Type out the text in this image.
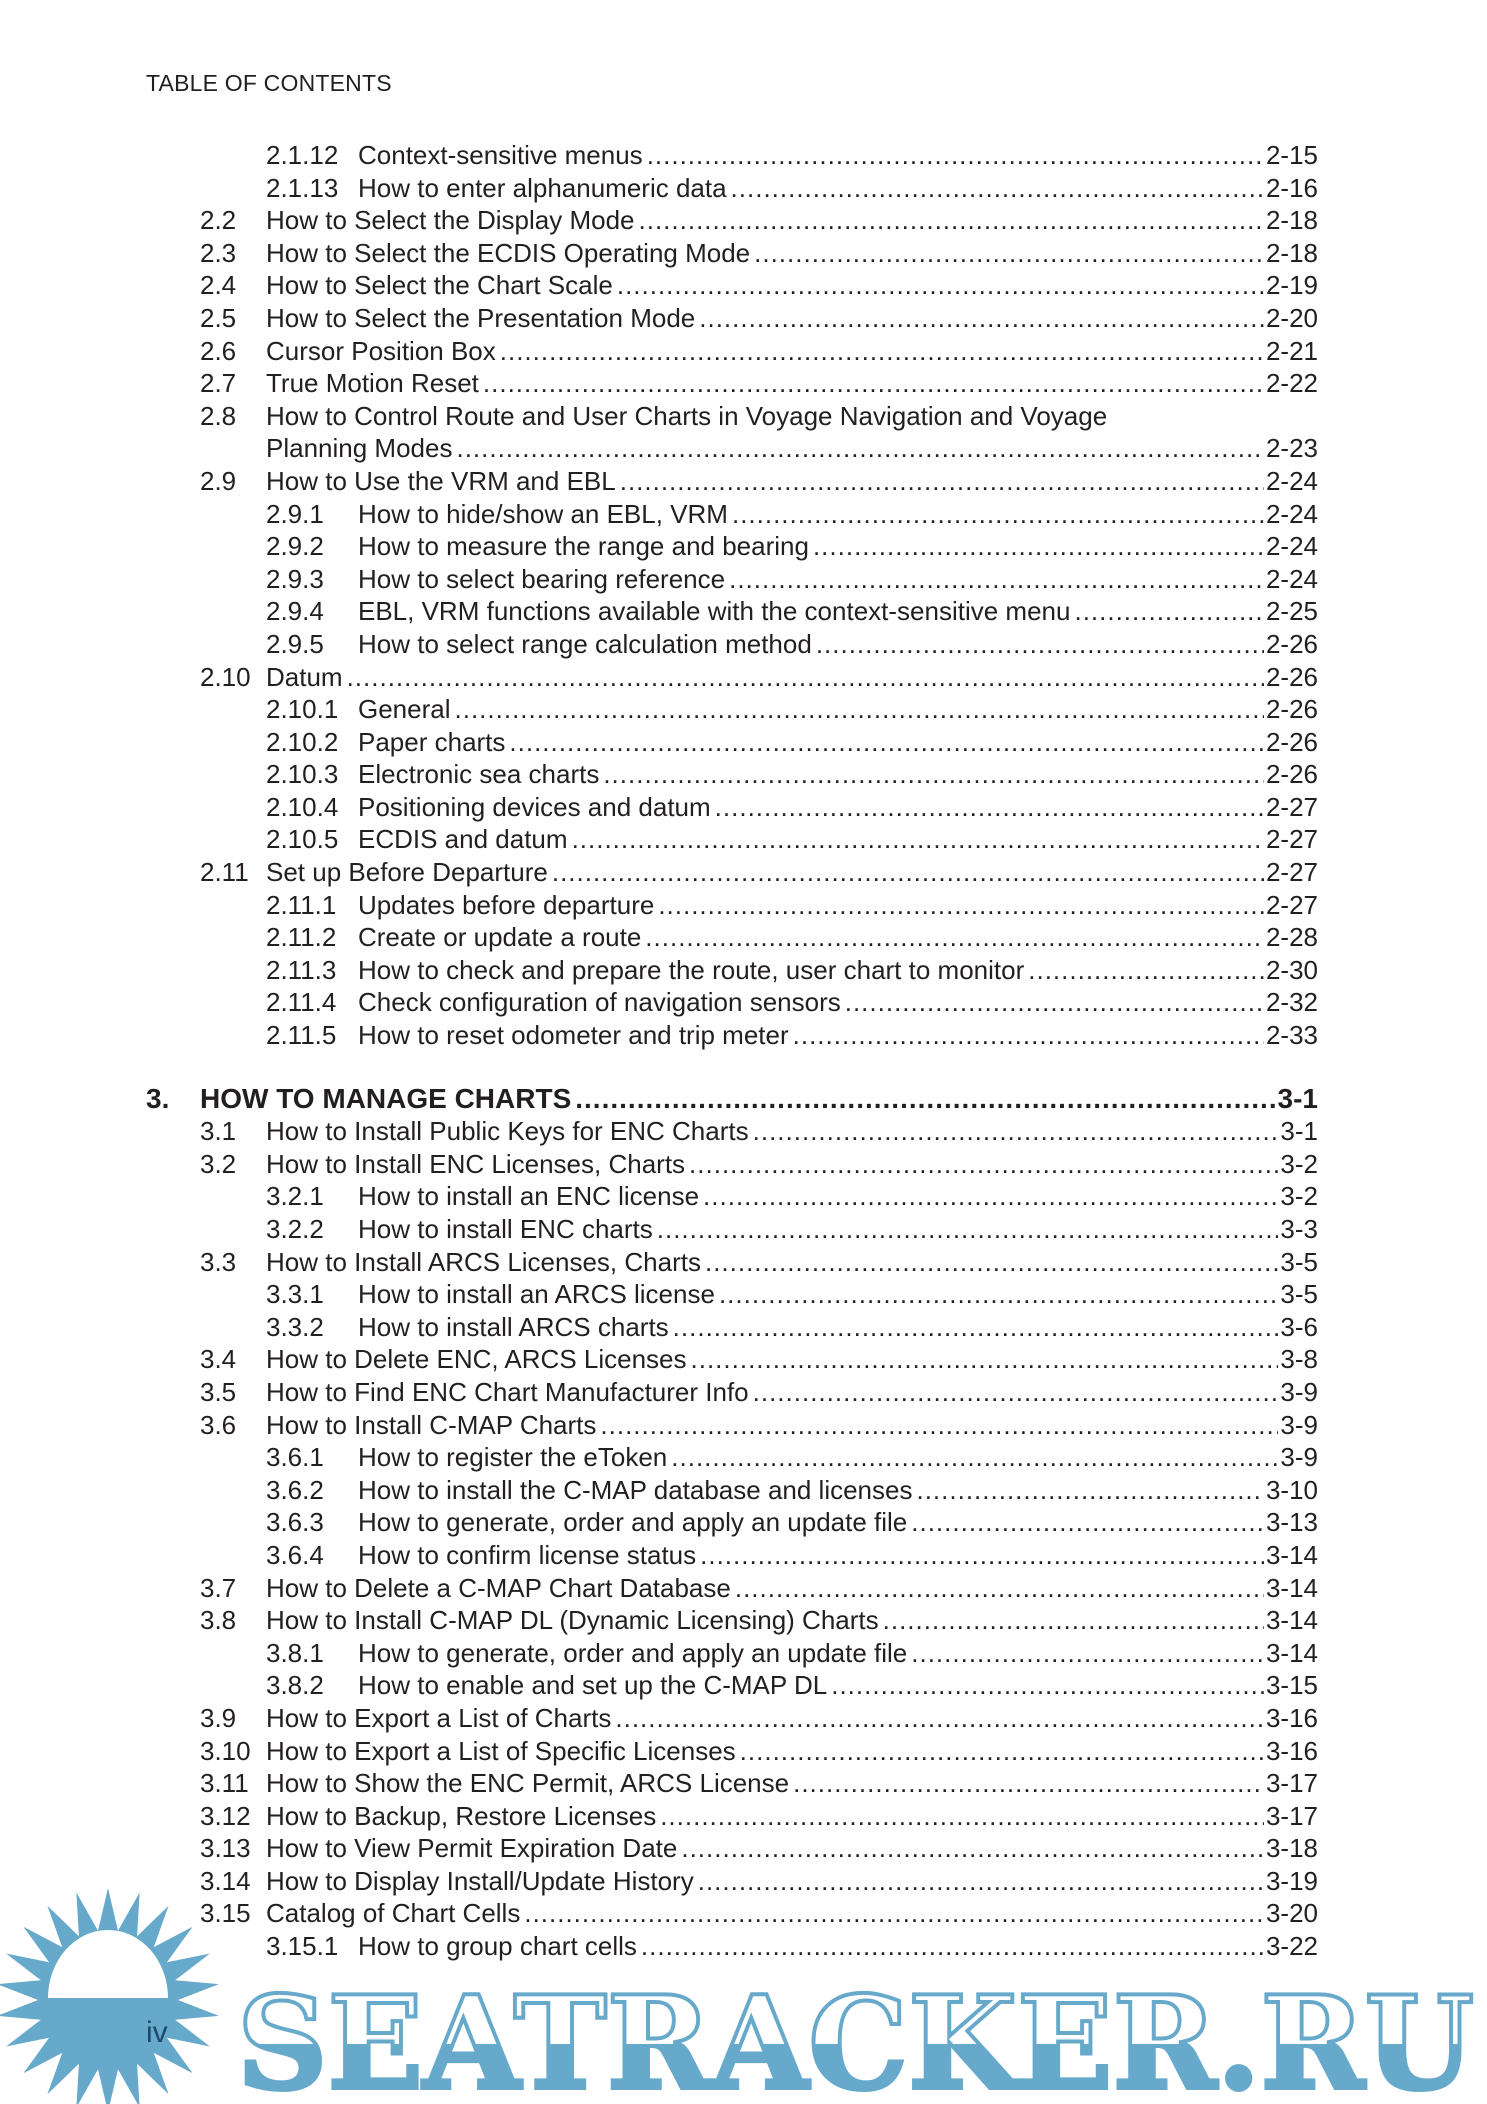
TABLE OF CONTENTS
2.1.12 Context-sensitive menus .....	2-15
2.1.13 How to enter alphanumeric data .....	2-16
2.2 How to Select the Display Mode .....	2-18
2.3 How to Select the ECDIS Operating Mode .....	2-18
2.4 How to Select the Chart Scale .....	2-19
2.5 How to Select the Presentation Mode .....	2-20
2.6 Cursor Position Box .....	2-21
2.7 True Motion Reset .....	2-22
2.8 How to Control Route and User Charts in Voyage Navigation and Voyage
Planning Modes .....	2-23
2.9 How to Use the VRM and EBL .....	2-24
2.9.1 How to hide/show an EBL, VRM .....	2-24
2.9.2 How to measure the range and bearing .....	2-24
2.9.3 How to select bearing reference .....	2-24
2.9.4 EBL, VRM functions available with the context-sensitive menu .....	2-25
2.9.5 How to select range calculation method .....	2-26
2.10 Datum .....	2-26
2.10.1 General .....	2-26
2.10.2 Paper charts .....	2-26
2.10.3 Electronic sea charts .....	2-26
2.10.4 Positioning devices and datum .....	2-27
2.10.5 ECDIS and datum .....	2-27
2.11 Set up Before Departure .....	2-27
2.11.1 Updates before departure .....	2-27
2.11.2 Create or update a route .....	2-28
2.11.3 How to check and prepare the route, user chart to monitor .....	2-30
2.11.4 Check configuration of navigation sensors .....	2-32
2.11.5 How to reset odometer and trip meter .....	2-33
3. HOW TO MANAGE CHARTS .....	3-1
3.1 How to Install Public Keys for ENC Charts .....	3-1
3.2 How to Install ENC Licenses, Charts .....	3-2
3.2.1 How to install an ENC license .....	3-2
3.2.2 How to install ENC charts .....	3-3
3.3 How to Install ARCS Licenses, Charts .....	3-5
3.3.1 How to install an ARCS license .....	3-5
3.3.2 How to install ARCS charts .....	3-6
3.4 How to Delete ENC, ARCS Licenses .....	3-8
3.5 How to Find ENC Chart Manufacturer Info .....	3-9
3.6 How to Install C-MAP Charts .....	3-9
3.6.1 How to register the eToken .....	3-9
3.6.2 How to install the C-MAP database and licenses .....	3-10
3.6.3 How to generate, order and apply an update file .....	3-13
3.6.4 How to confirm license status .....	3-14
3.7 How to Delete a C-MAP Chart Database .....	3-14
3.8 How to Install C-MAP DL (Dynamic Licensing) Charts .....	3-14
3.8.1 How to generate, order and apply an update file .....	3-14
3.8.2 How to enable and set up the C-MAP DL .....	3-15
3.9 How to Export a List of Charts .....	3-16
3.10 How to Export a List of Specific Licenses .....	3-16
3.11 How to Show the ENC Permit, ARCS License .....	3-17
3.12 How to Backup, Restore Licenses .....	3-17
3.13 How to View Permit Expiration Date .....	3-18
3.14 How to Display Install/Update History .....	3-19
3.15 Catalog of Chart Cells .....	3-20
3.15.1 How to group chart cells .....	3-22
SEATRACKER.RU
iv
